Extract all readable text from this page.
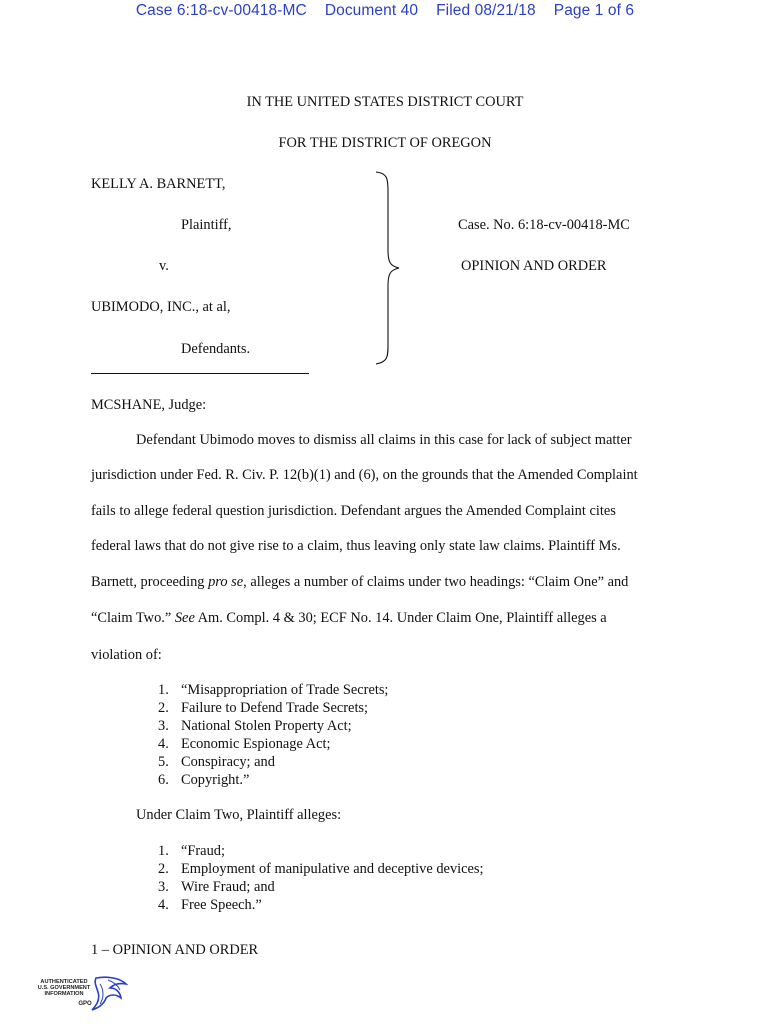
Case 6:18-cv-00418-MC Document 40 Filed 08/21/18 Page 1 of 6
IN THE UNITED STATES DISTRICT COURT
FOR THE DISTRICT OF OREGON
KELLY A. BARNETT,
Plaintiff,
v.
UBIMODO, INC., at al,
Defendants.
Case. No. 6:18-cv-00418-MC
OPINION AND ORDER
MCSHANE, Judge:
Defendant Ubimodo moves to dismiss all claims in this case for lack of subject matter
jurisdiction under Fed. R. Civ. P. 12(b)(1) and (6), on the grounds that the Amended Complaint
fails to allege federal question jurisdiction. Defendant argues the Amended Complaint cites
federal laws that do not give rise to a claim, thus leaving only state law claims. Plaintiff Ms.
Barnett, proceeding pro se, alleges a number of claims under two headings: “Claim One” and
“Claim Two.” See Am. Compl. 4 & 30; ECF No. 14. Under Claim One, Plaintiff alleges a
violation of:
1. “Misappropriation of Trade Secrets;
2. Failure to Defend Trade Secrets;
3. National Stolen Property Act;
4. Economic Espionage Act;
5. Conspiracy; and
6. Copyright.”
Under Claim Two, Plaintiff alleges:
1. “Fraud;
2. Employment of manipulative and deceptive devices;
3. Wire Fraud; and
4. Free Speech.”
1 – OPINION AND ORDER
AUTHENTICATED
U.S. GOVERNMENT
INFORMATION
GPO
